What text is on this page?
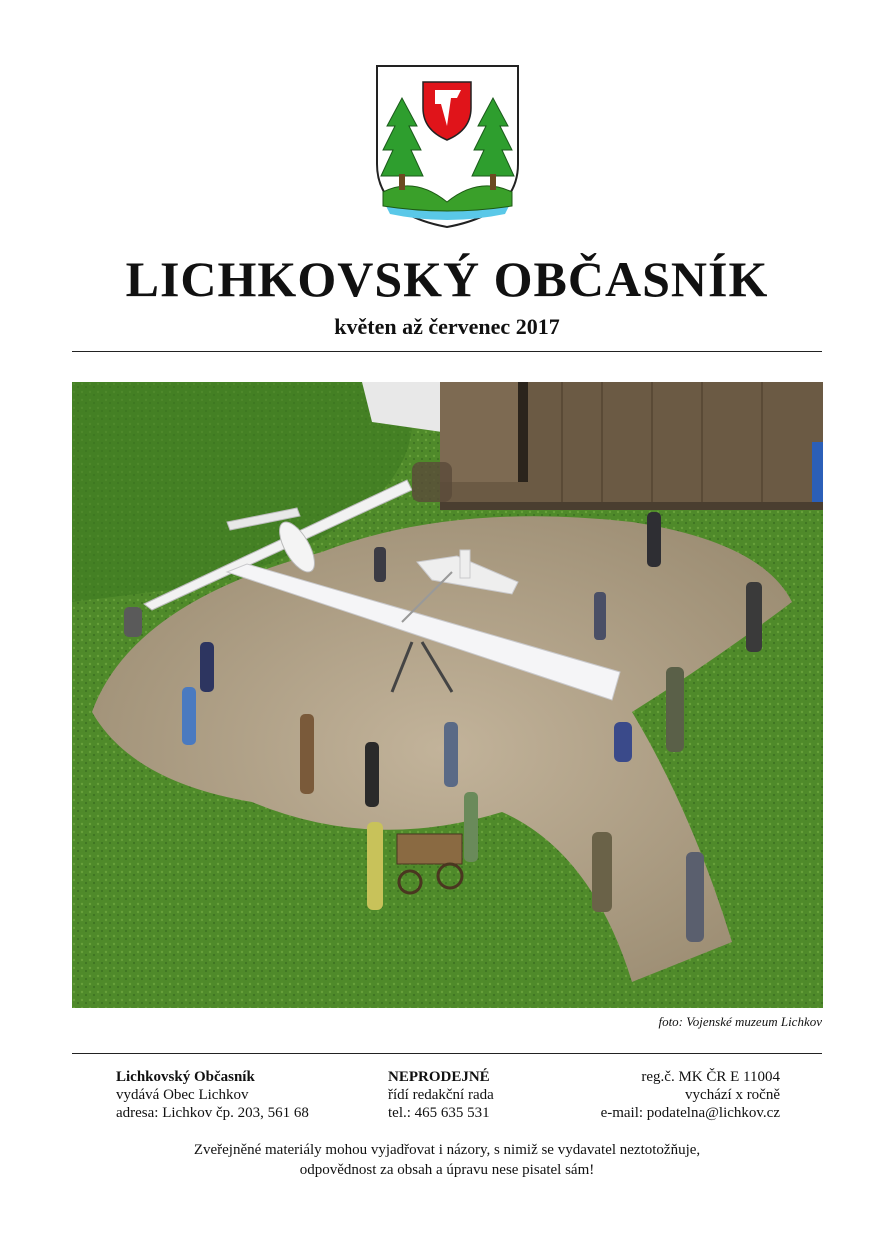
LICHKOVSKÝ OBČASNÍK
květen až červenec 2017
foto: Vojenské muzeum Lichkov
Lichkovský Občasník
vydává Obec Lichkov
adresa: Lichkov čp. 203, 561 68
NEPRODEJNÉ
řídí redakční rada
tel.: 465 635 531
reg.č. MK ČR E 11004
vychází x ročně
e-mail: podatelna@lichkov.cz
Zveřejněné materiály mohou vyjadřovat i názory, s nimiž se vydavatel neztotožňuje,
odpovědnost za obsah a úpravu nese pisatel sám!
